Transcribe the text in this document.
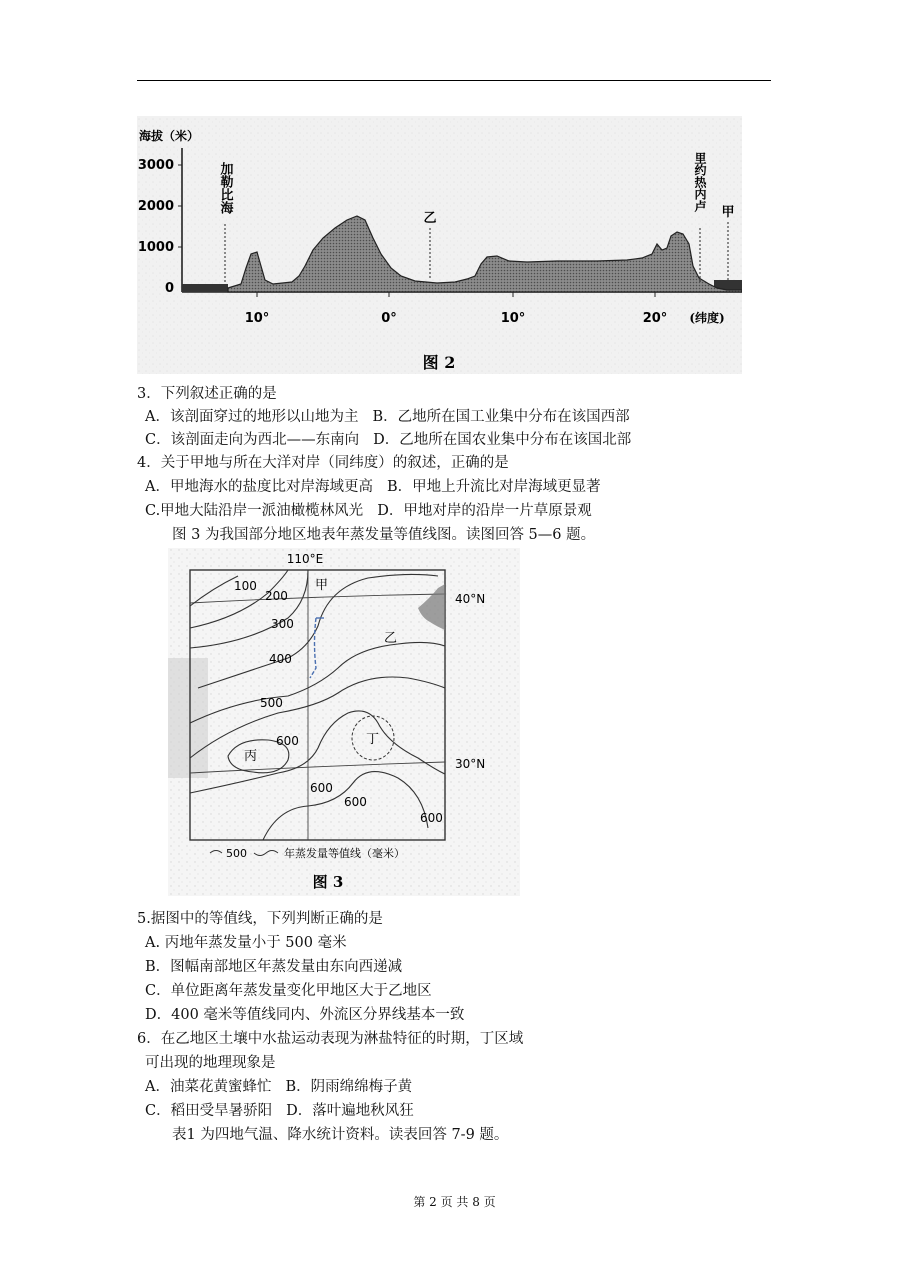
3000
2000
1000
0
海拔（米）
10°	0°	10°	20° (纬度)
加勒比海
乙
里约热内卢
甲
图 2
3．下列叙述正确的是
A．该剖面穿过的地形以山地为主 B．乙地所在国工业集中分布在该国西部
C．该剖面走向为西北——东南向 D．乙地所在国农业集中分布在该国北部
4．关于甲地与所在大洋对岸（同纬度）的叙述，正确的是
A．甲地海水的盐度比对岸海域更高 B．甲地上升流比对岸海域更显著
C.甲地大陆沿岸一派油橄榄林风光 D．甲地对岸的沿岸一片草原景观
图 3 为我国部分地区地表年蒸发量等值线图。读图回答 5—6 题。
110°E
40°N
30°N
甲
乙
丙
丁
100
200
300
400
500
600
600
600
600
500	年蒸发量等值线（毫米）
图 3
5.据图中的等值线，下列判断正确的是
A. 丙地年蒸发量小于 500 毫米
B．图幅南部地区年蒸发量由东向西递减
C．单位距离年蒸发量变化甲地区大于乙地区
D．400 毫米等值线同内、外流区分界线基本一致
6．在乙地区土壤中水盐运动表现为淋盐特征的时期，丁区域
可出现的地理现象是
A．油菜花黄蜜蜂忙 B．阴雨绵绵梅子黄
C．稻田受旱暑骄阳 D．落叶遍地秋风狂
表1 为四地气温、降水统计资料。读表回答 7-9 题。
第 2 页 共 8 页
